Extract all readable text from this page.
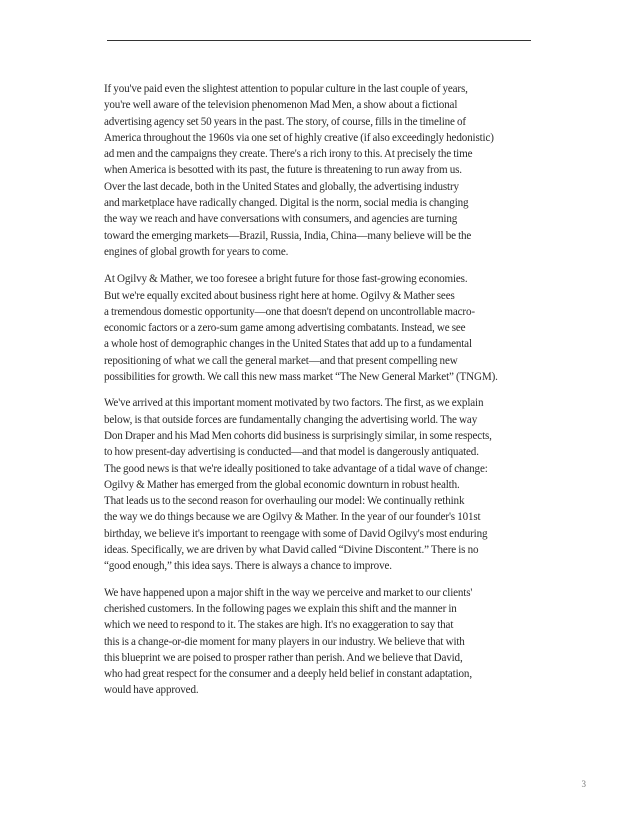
If you've paid even the slightest attention to popular culture in the last couple of years,
you're well aware of the television phenomenon Mad Men, a show about a fictional
advertising agency set 50 years in the past. The story, of course, fills in the timeline of
America throughout the 1960s via one set of highly creative (if also exceedingly hedonistic)
ad men and the campaigns they create. There's a rich irony to this. At precisely the time
when America is besotted with its past, the future is threatening to run away from us.
Over the last decade, both in the United States and globally, the advertising industry
and marketplace have radically changed. Digital is the norm, social media is changing
the way we reach and have conversations with consumers, and agencies are turning
toward the emerging markets—Brazil, Russia, India, China—many believe will be the
engines of global growth for years to come.

At Ogilvy & Mather, we too foresee a bright future for those fast-growing economies.
But we're equally excited about business right here at home. Ogilvy & Mather sees
a tremendous domestic opportunity—one that doesn't depend on uncontrollable macro-
economic factors or a zero-sum game among advertising combatants. Instead, we see
a whole host of demographic changes in the United States that add up to a fundamental
repositioning of what we call the general market—and that present compelling new
possibilities for growth. We call this new mass market “The New General Market” (TNGM).

We've arrived at this important moment motivated by two factors. The first, as we explain
below, is that outside forces are fundamentally changing the advertising world. The way
Don Draper and his Mad Men cohorts did business is surprisingly similar, in some respects,
to how present-day advertising is conducted—and that model is dangerously antiquated.
The good news is that we're ideally positioned to take advantage of a tidal wave of change:
Ogilvy & Mather has emerged from the global economic downturn in robust health.
That leads us to the second reason for overhauling our model: We continually rethink
the way we do things because we are Ogilvy & Mather. In the year of our founder's 101st
birthday, we believe it's important to reengage with some of David Ogilvy's most enduring
ideas. Specifically, we are driven by what David called “Divine Discontent.” There is no
“good enough,” this idea says. There is always a chance to improve.

We have happened upon a major shift in the way we perceive and market to our clients'
cherished customers. In the following pages we explain this shift and the manner in
which we need to respond to it. The stakes are high. It's no exaggeration to say that
this is a change-or-die moment for many players in our industry. We believe that with
this blueprint we are poised to prosper rather than perish. And we believe that David,
who had great respect for the consumer and a deeply held belief in constant adaptation,
would have approved.

3
